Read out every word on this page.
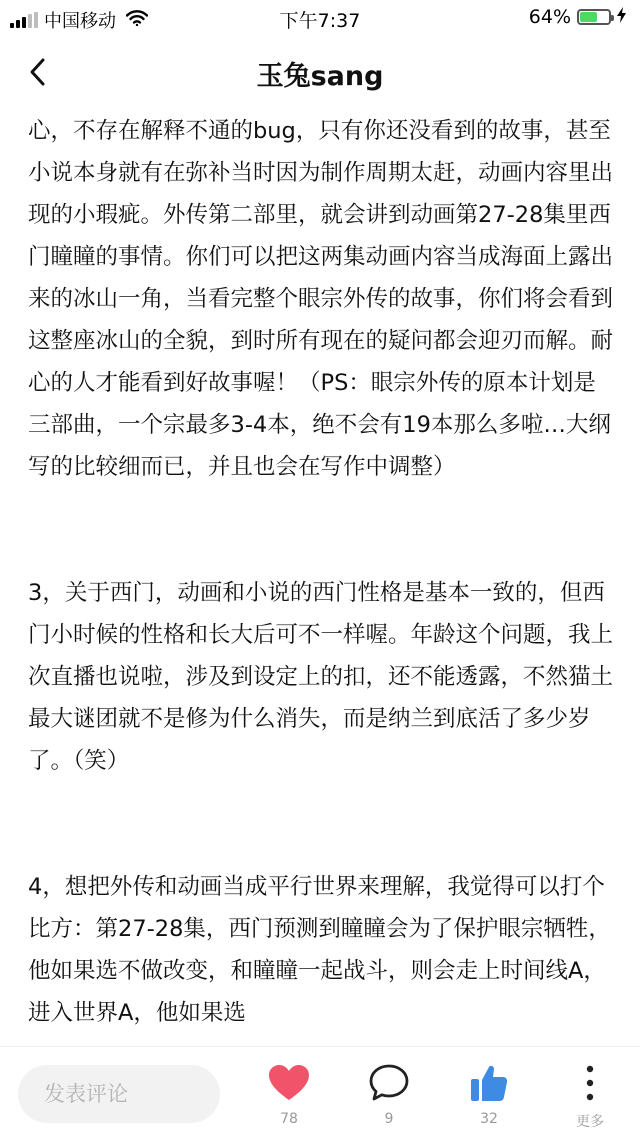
中国移动	下午7:37	64%
玉兔sang

心，不存在解释不通的bug，只有你还没看到的故事，甚至小说本身就有在弥补当时因为制作周期太赶，动画内容里出现的小瑕疵。外传第二部里，就会讲到动画第27-28集里西门瞳瞳的事情。你们可以把这两集动画内容当成海面上露出来的冰山一角，当看完整个眼宗外传的故事，你们将会看到这整座冰山的全貌，到时所有现在的疑问都会迎刃而解。耐心的人才能看到好故事喔！（PS：眼宗外传的原本计划是三部曲，一个宗最多3-4本，绝不会有19本那么多啦…大纲写的比较细而已，并且也会在写作中调整）

3，关于西门，动画和小说的西门性格是基本一致的，但西门小时候的性格和长大后可不一样喔。年龄这个问题，我上次直播也说啦，涉及到设定上的扣，还不能透露，不然猫土最大谜团就不是修为什么消失，而是纳兰到底活了多少岁了。（笑）

4，想把外传和动画当成平行世界来理解，我觉得可以打个比方：第27-28集，西门预测到瞳瞳会为了保护眼宗牺牲，他如果选不做改变，和瞳瞳一起战斗，则会走上时间线A，进入世界A，他如果选

发表评论
78	9	32	更多
